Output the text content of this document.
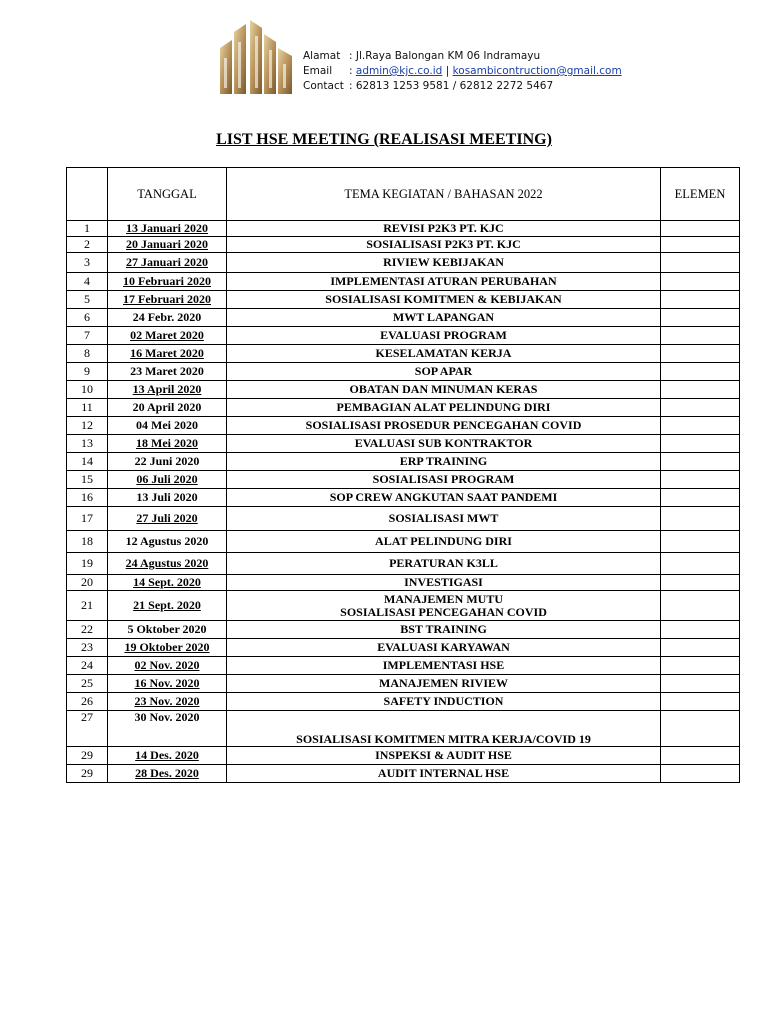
Alamat : Jl.Raya Balongan KM 06 Indramayu
Email : admin@kjc.co.id | kosambicontruction@gmail.com
Contact : 62813 1253 9581 / 62812 2272 5467
LIST HSE MEETING (REALISASI MEETING)
	TANGGAL	TEMA KEGIATAN / BAHASAN 2022	ELEMEN
1	13 Januari 2020	REVISI P2K3 PT. KJC	

2	20 Januari 2020	SOSIALISASI P2K3 PT. KJC	

3	27 Januari 2020	RIVIEW KEBIJAKAN	

4	10 Februari 2020	IMPLEMENTASI ATURAN PERUBAHAN	

5	17 Februari 2020	SOSIALISASI KOMITMEN & KEBIJAKAN	

6	24 Febr. 2020	MWT LAPANGAN	

7	02 Maret 2020	EVALUASI PROGRAM	

8	16 Maret 2020	KESELAMATAN KERJA	

9	23 Maret 2020	SOP APAR	

10	13 April 2020	OBATAN DAN MINUMAN KERAS	

11	20 April 2020	PEMBAGIAN ALAT PELINDUNG DIRI	

12	04 Mei 2020	SOSIALISASI PROSEDUR PENCEGAHAN COVID	

13	18 Mei 2020	EVALUASI SUB KONTRAKTOR	

14	22 Juni 2020	ERP TRAINING	

15	06 Juli 2020	SOSIALISASI PROGRAM	

16	13 Juli 2020	SOP CREW ANGKUTAN SAAT PANDEMI	

17	27 Juli 2020	SOSIALISASI MWT	

18	12 Agustus 2020	ALAT PELINDUNG DIRI	

19	24 Agustus 2020	PERATURAN K3LL	

20	14 Sept. 2020	INVESTIGASI	

21	21 Sept. 2020	MANAJEMEN MUTU
SOSIALISASI PENCEGAHAN COVID	

22	5 Oktober 2020	BST TRAINING	

23	19 Oktober 2020	EVALUASI KARYAWAN	

24	02 Nov. 2020	IMPLEMENTASI HSE	

25	16 Nov. 2020	MANAJEMEN RIVIEW	

26	23 Nov. 2020	SAFETY INDUCTION	

27	30 Nov. 2020	SOSIALISASI KOMITMEN MITRA KERJA/COVID 19	

29	14 Des. 2020	INSPEKSI & AUDIT HSE	

29	28 Des. 2020	AUDIT INTERNAL HSE	
